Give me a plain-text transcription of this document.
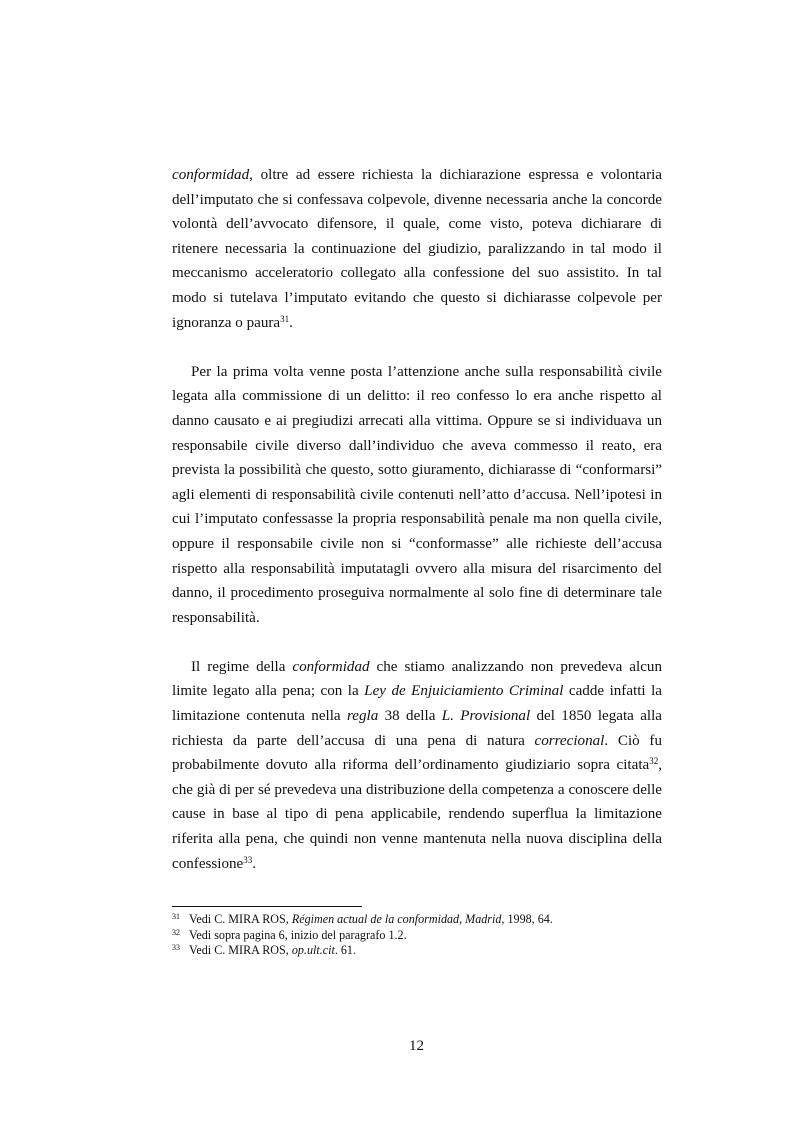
conformidad, oltre ad essere richiesta la dichiarazione espressa e volontaria dell’imputato che si confessava colpevole, divenne necessaria anche la concorde volontà dell’avvocato difensore, il quale, come visto, poteva dichiarare di ritenere necessaria la continuazione del giudizio, paralizzando in tal modo il meccanismo acceleratorio collegato alla confessione del suo assistito. In tal modo si tutelava l’imputato evitando che questo si dichiarasse colpevole per ignoranza o paura$^{31}$.

Per la prima volta venne posta l’attenzione anche sulla responsabilità civile legata alla commissione di un delitto: il reo confesso lo era anche rispetto al danno causato e ai pregiudizi arrecati alla vittima. Oppure se si individuava un responsabile civile diverso dall’individuo che aveva commesso il reato, era prevista la possibilità che questo, sotto giuramento, dichiarasse di “conformarsi” agli elementi di responsabilità civile contenuti nell’atto d’accusa. Nell’ipotesi in cui l’imputato confessasse la propria responsabilità penale ma non quella civile, oppure il responsabile civile non si “conformasse” alle richieste dell’accusa rispetto alla responsabilità imputatagli ovvero alla misura del risarcimento del danno, il procedimento proseguiva normalmente al solo fine di determinare tale responsabilità.

Il regime della conformidad che stiamo analizzando non prevedeva alcun limite legato alla pena; con la Ley de Enjuiciamiento Criminal cadde infatti la limitazione contenuta nella regla 38 della L. Provisional del 1850 legata alla richiesta da parte dell’accusa di una pena di natura correcional. Ciò fu probabilmente dovuto alla riforma dell’ordinamento giudiziario sopra citata$^{32}$, che già di per sé prevedeva una distribuzione della competenza a conoscere delle cause in base al tipo di pena applicabile, rendendo superflua la limitazione riferita alla pena, che quindi non venne mantenuta nella nuova disciplina della confessione$^{33}$.

31 Vedi C. MIRA ROS, Régimen actual de la conformidad, Madrid, 1998, 64.
32 Vedi sopra pagina 6, inizio del paragrafo 1.2.
33 Vedi C. MIRA ROS, op.ult.cit. 61.
12
